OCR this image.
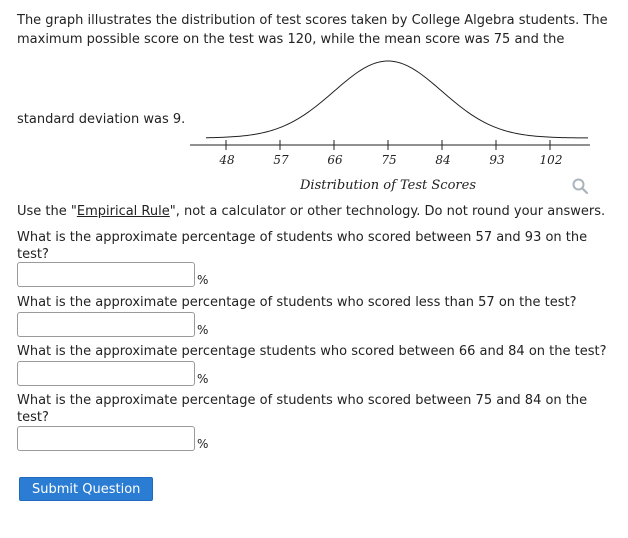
The graph illustrates the distribution of test scores taken by College Algebra students. The maximum possible score on the test was 120, while the mean score was 75 and the
standard deviation was 9.
48	57	66	75	84	93	102
Distribution of Test Scores
Use the "Empirical Rule", not a calculator or other technology. Do not round your answers.
What is the approximate percentage of students who scored between 57 and 93 on the test?
%
What is the approximate percentage of students who scored less than 57 on the test?
%
What is the approximate percentage students who scored between 66 and 84 on the test?
%
What is the approximate percentage of students who scored between 75 and 84 on the test?
%
Submit Question
